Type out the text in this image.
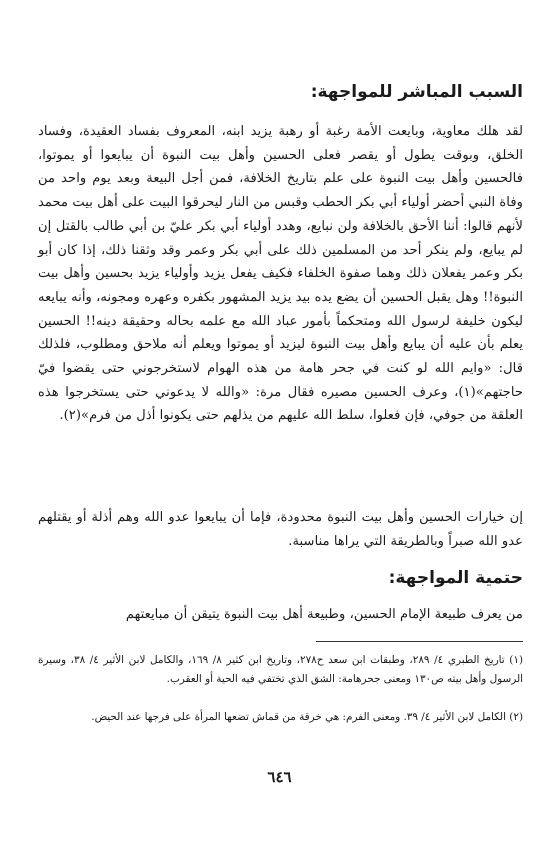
السبب المباشر للمواجهة:
لقد هلك معاوية، وبايعت الأمة رغبة أو رهبة يزيد ابنه، المعروف بفساد العقيدة، وفساد الخلق، وبوقت يطول أو يقصر فعلى الحسين وأهل بيت النبوة أن يبايعوا أو يموتوا، فالحسين وأهل بيت النبوة على علم بتاريخ الخلافة، فمن أجل البيعة وبعد يوم واحد من وفاة النبي أحضر أولياء أبي بكر الحطب وقبس من النار ليحرقوا البيت على أهل بيت محمد لأنهم قالوا: أننا الأحق بالخلافة ولن نبايع، وهدد أولياء أبي بكر عليّ بن أبي طالب بالقتل إن لم يبايع، ولم ينكر أحد من المسلمين ذلك على أبي بكر وعمر وقد وثقنا ذلك، إذا كان أبو بكر وعمر يفعلان ذلك وهما صفوة الخلفاء فكيف يفعل يزيد وأولياء يزيد بحسين وأهل بيت النبوة!! وهل يقبل الحسين أن يضع يده بيد يزيد المشهور بكفره وعهره ومجونه، وأنه يبايعه ليكون خليفة لرسول الله ومتحكماً بأمور عباد الله مع علمه بحاله وحقيقة دينه!! الحسين يعلم بأن عليه أن يبايع وأهل بيت النبوة ليزيد أو يموتوا ويعلم أنه ملاحق ومطلوب، فلذلك قال: «وايم الله لو كنت في جحر هامة من هذه الهوام لاستخرجوني حتى يقضوا فيّ حاجتهم»(١)، وعرف الحسين مصيره فقال مرة: «والله لا يدعوني حتى يستخرجوا هذه العلقة من جوفي، فإن فعلوا، سلط الله عليهم من يذلهم حتى يكونوا أذل من فرم»(٢).
إن خيارات الحسين وأهل بيت النبوة محدودة، فإما أن يبايعوا عدو الله وهم أذلة أو يقتلهم عدو الله صبراً وبالطريقة التي يراها مناسبة.
حتمية المواجهة:
من يعرف طبيعة الإمام الحسين، وطبيعة أهل بيت النبوة يتيقن أن مبايعتهم
(١) تاريخ الطبري ٤/ ٢٨٩، وطبقات ابن سعد ح٢٧٨، وتاريخ ابن كثير ٨/ ١٦٩، والكامل لابن الأثير ٤/ ٣٨، وسيرة الرسول وأهل بيته ص١٣٠ ومعنى جحرهامة: الشق الذي تختفي فيه الحية أو العقرب.
(٢) الكامل لابن الأثير ٤/ ٣٩. ومعنى الفرم: هي خرقة من قماش تضعها المرأة على فرجها عند الحيض.
٦٤٦
